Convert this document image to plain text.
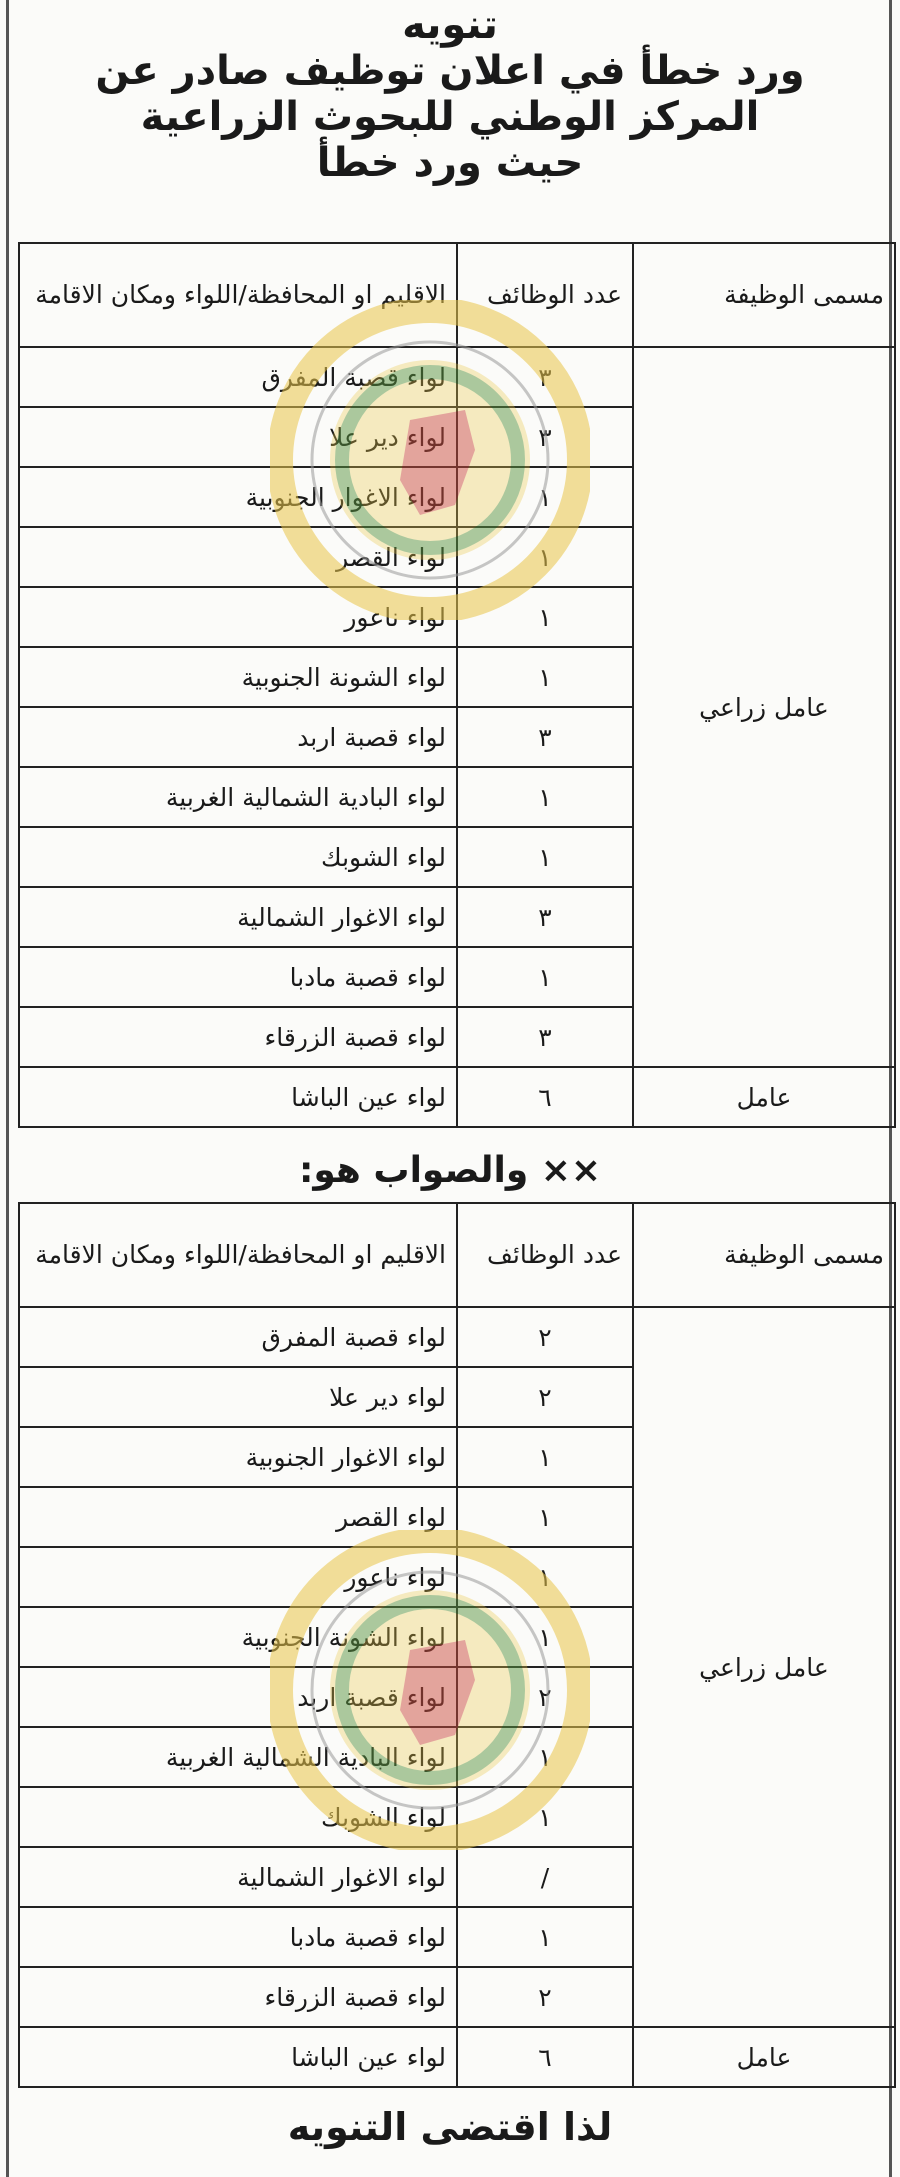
تنويه

ورد خطأ في اعلان توظيف صادر عن

المركز الوطني للبحوث الزراعية

حيث ورد خطأ

مسمى الوظيفة	عدد الوظائف	الاقليم او المحافظة/اللواء ومكان الاقامة
عامل زراعي	٣	لواء قصبة المفرق
	٣	لواء دير علا
	١	لواء الاغوار الجنوبية
	١	لواء القصر
	١	لواء ناعور
	١	لواء الشونة الجنوبية
	٣	لواء قصبة اربد
	١	لواء البادية الشمالية الغربية
	١	لواء الشوبك
	٣	لواء الاغوار الشمالية
	١	لواء قصبة مادبا
	٣	لواء قصبة الزرقاء
عامل	٦	لواء عين الباشا
×× والصواب هو:
مسمى الوظيفة	عدد الوظائف	الاقليم او المحافظة/اللواء ومكان الاقامة
عامل زراعي	٢	لواء قصبة المفرق
	٢	لواء دير علا
	١	لواء الاغوار الجنوبية
	١	لواء القصر
	١	لواء ناعور
	١	لواء الشونة الجنوبية
	٢	لواء قصبة اربد
	١	لواء البادية الشمالية الغربية
	١	لواء الشوبك
	/	لواء الاغوار الشمالية
	١	لواء قصبة مادبا
	٢	لواء قصبة الزرقاء
عامل	٦	لواء عين الباشا
لذا اقتضى التنويه
